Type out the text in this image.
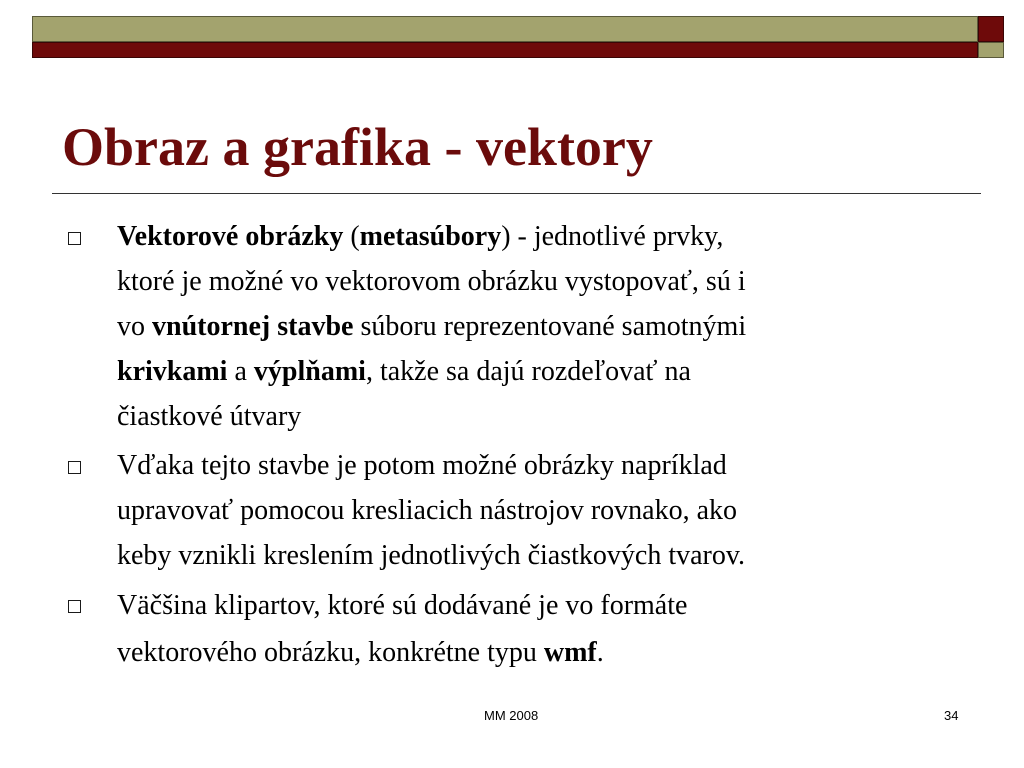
Obraz a grafika - vektory
Vektorové obrázky (metasúbory) - jednotlivé prvky,
ktoré je možné vo vektorovom obrázku vystopovať, sú i
vo vnútornej stavbe súboru reprezentované samotnými
krivkami a výplňami, takže sa dajú rozdeľovať na
čiastkové útvary
Vďaka tejto stavbe je potom možné obrázky napríklad
upravovať pomocou kresliacich nástrojov rovnako, ako
keby vznikli kreslením jednotlivých čiastkových tvarov.
Väčšina klipartov, ktoré sú dodávané je vo formáte
vektorového obrázku, konkrétne typu wmf.
MM 2008	34
